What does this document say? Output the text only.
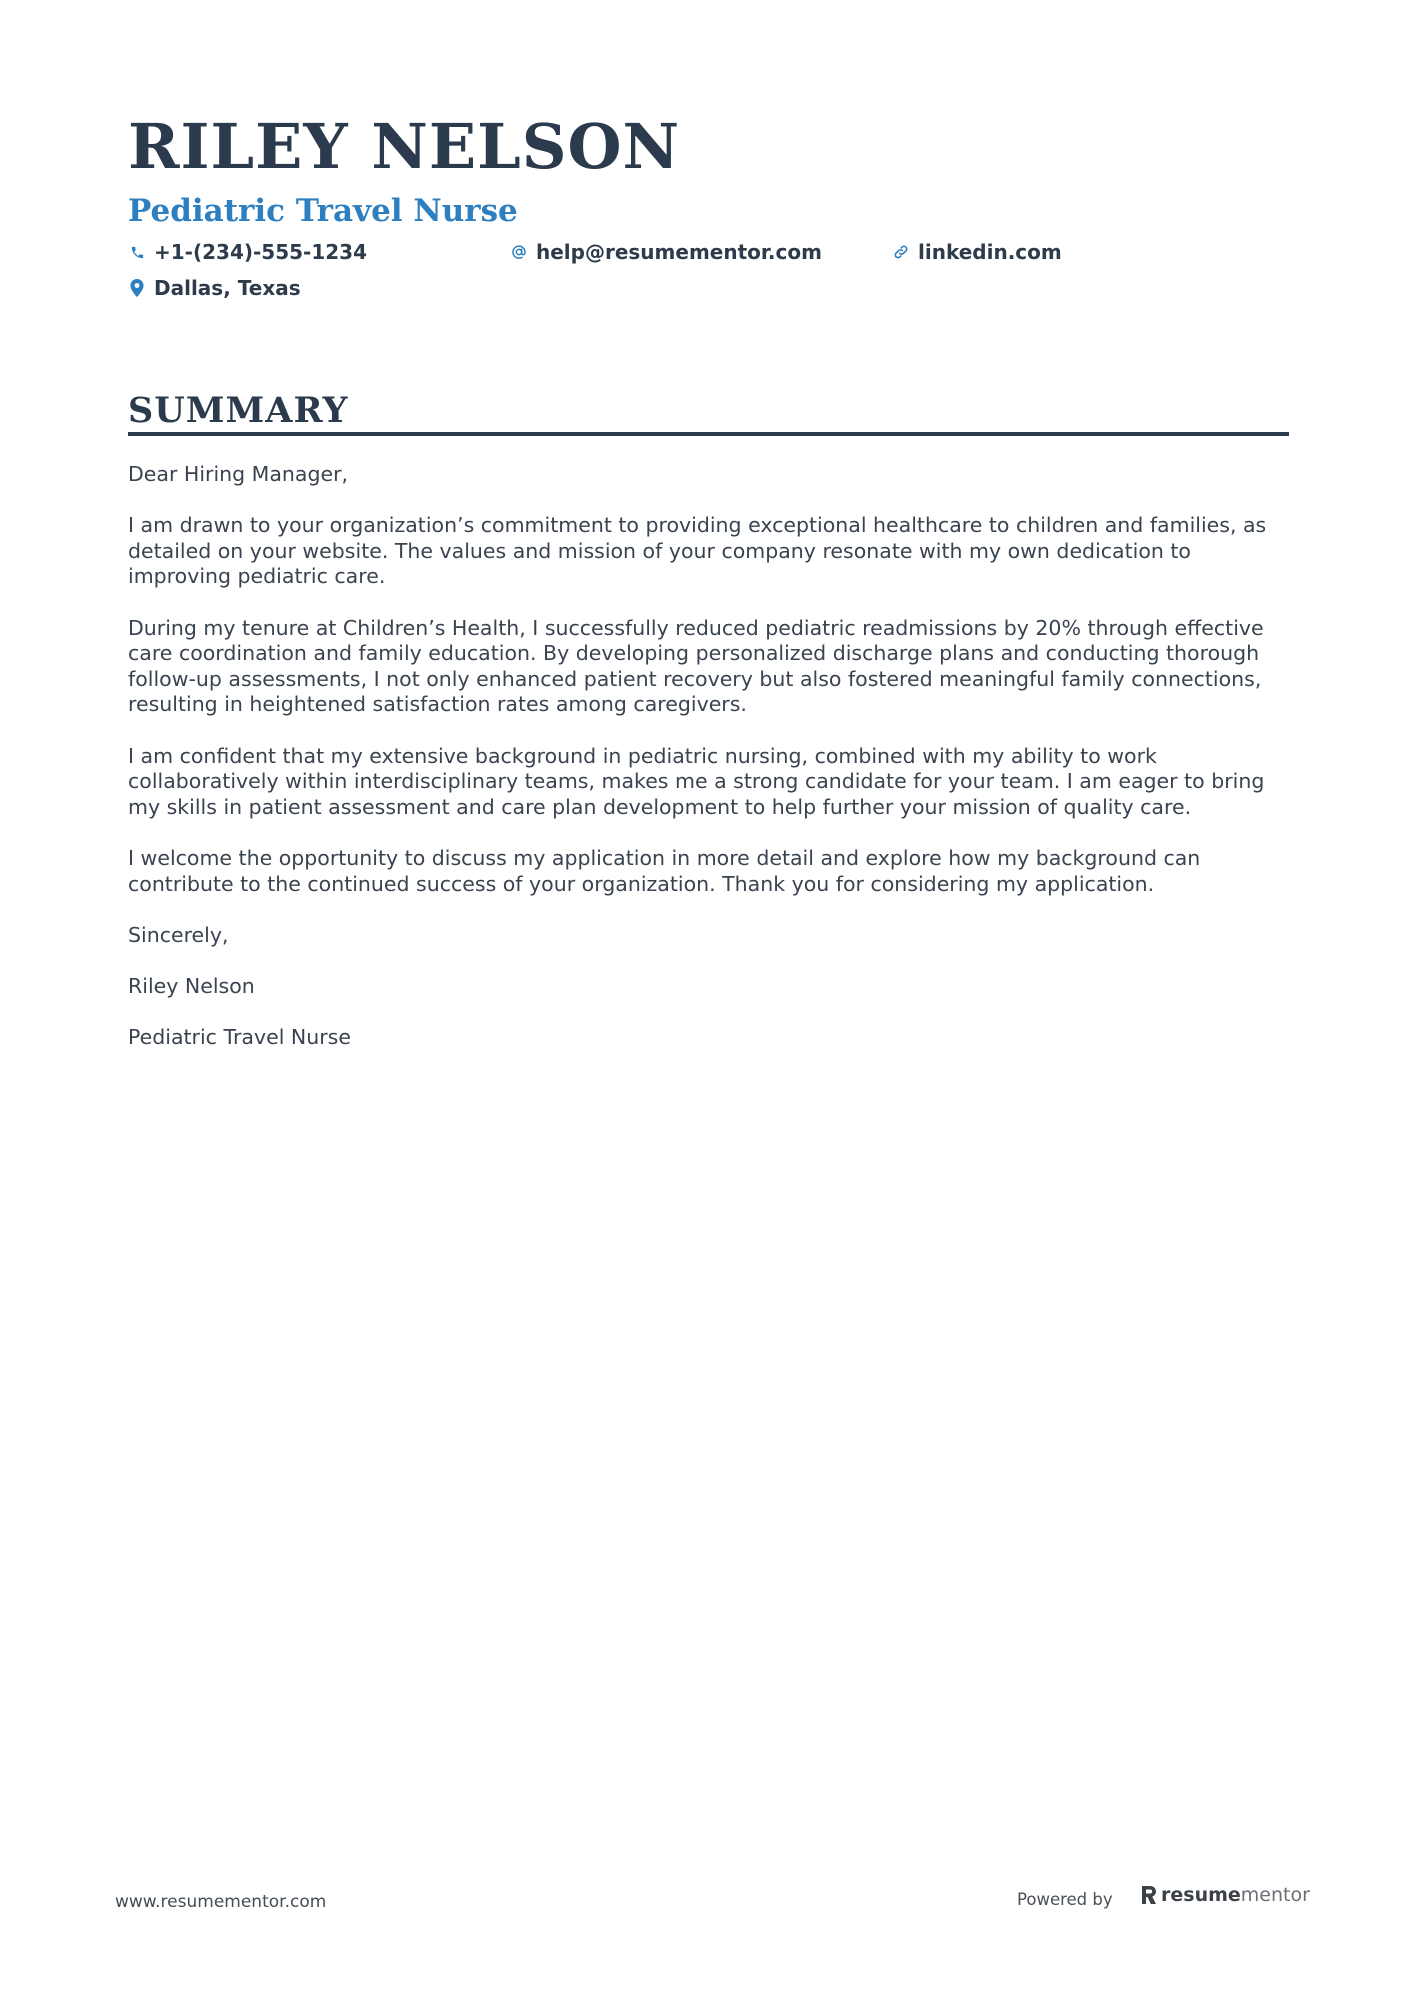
RILEY NELSON
Pediatric Travel Nurse
+1-(234)-555-1234	help@resumementor.com	linkedin.com
Dallas, Texas
SUMMARY

Dear Hiring Manager,

I am drawn to your organization’s commitment to providing exceptional healthcare to children and families, as detailed on your website. The values and mission of your company resonate with my own dedication to improving pediatric care.

During my tenure at Children’s Health, I successfully reduced pediatric readmissions by 20% through effective care coordination and family education. By developing personalized discharge plans and conducting thorough follow-up assessments, I not only enhanced patient recovery but also fostered meaningful family connections, resulting in heightened satisfaction rates among caregivers.

I am confident that my extensive background in pediatric nursing, combined with my ability to work collaboratively within interdisciplinary teams, makes me a strong candidate for your team. I am eager to bring my skills in patient assessment and care plan development to help further your mission of quality care.

I welcome the opportunity to discuss my application in more detail and explore how my background can contribute to the continued success of your organization. Thank you for considering my application.

Sincerely,

Riley Nelson

Pediatric Travel Nurse

www.resumementor.com	Powered by	resume mentor
